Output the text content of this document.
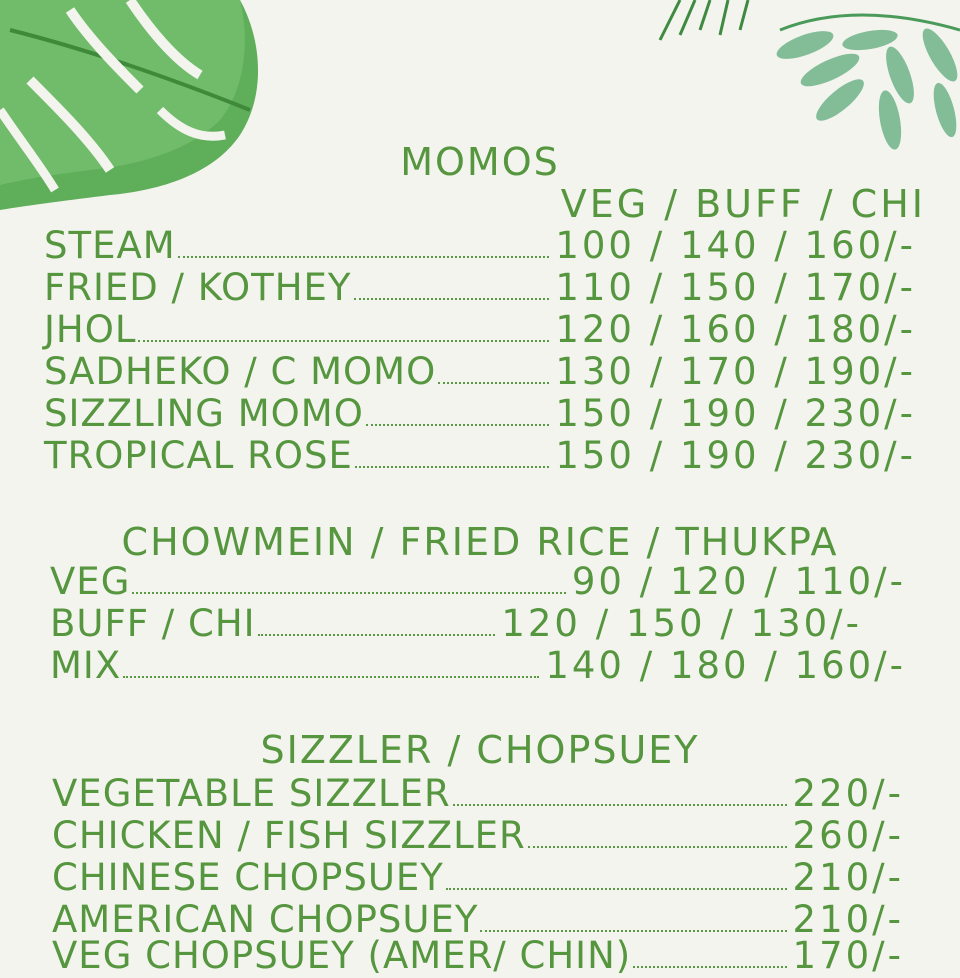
MOMOS
VEG / BUFF / CHI
STEAM	100 / 140 / 160/-
FRIED / KOTHEY	110 / 150 / 170/-
JHOL	120 / 160 / 180/-
SADHEKO / C MOMO	130 / 170 / 190/-
SIZZLING MOMO	150 / 190 / 230/-
TROPICAL ROSE	150 / 190 / 230/-
CHOWMEIN / FRIED RICE / THUKPA
VEG	90 / 120 / 110/-
BUFF / CHI	120 / 150 / 130/-
MIX	140 / 180 / 160/-
SIZZLER / CHOPSUEY
VEGETABLE SIZZLER	220/-
CHICKEN / FISH SIZZLER	260/-
CHINESE CHOPSUEY	210/-
AMERICAN CHOPSUEY	210/-
VEG CHOPSUEY (AMER/ CHIN)	170/-
